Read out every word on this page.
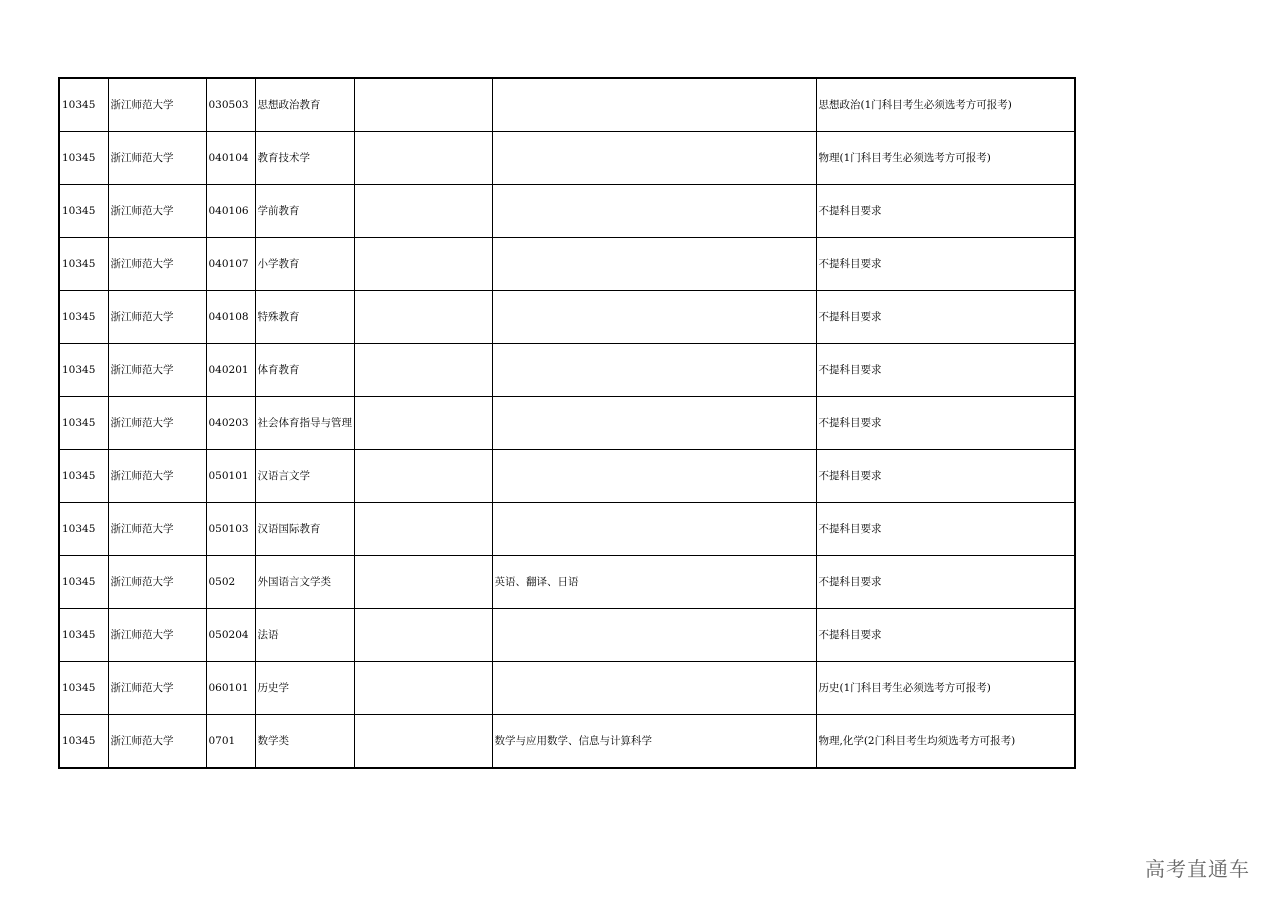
10345	浙江师范大学	030503	思想政治教育			思想政治(1门科目考生必须选考方可报考)
10345	浙江师范大学	040104	教育技术学			物理(1门科目考生必须选考方可报考)
10345	浙江师范大学	040106	学前教育			不提科目要求
10345	浙江师范大学	040107	小学教育			不提科目要求
10345	浙江师范大学	040108	特殊教育			不提科目要求
10345	浙江师范大学	040201	体育教育			不提科目要求
10345	浙江师范大学	040203	社会体育指导与管理			不提科目要求
10345	浙江师范大学	050101	汉语言文学			不提科目要求
10345	浙江师范大学	050103	汉语国际教育			不提科目要求
10345	浙江师范大学	0502	外国语言文学类		英语、翻译、日语	不提科目要求
10345	浙江师范大学	050204	法语			不提科目要求
10345	浙江师范大学	060101	历史学			历史(1门科目考生必须选考方可报考)
10345	浙江师范大学	0701	数学类		数学与应用数学、信息与计算科学	物理,化学(2门科目考生均须选考方可报考)
高考直通车
